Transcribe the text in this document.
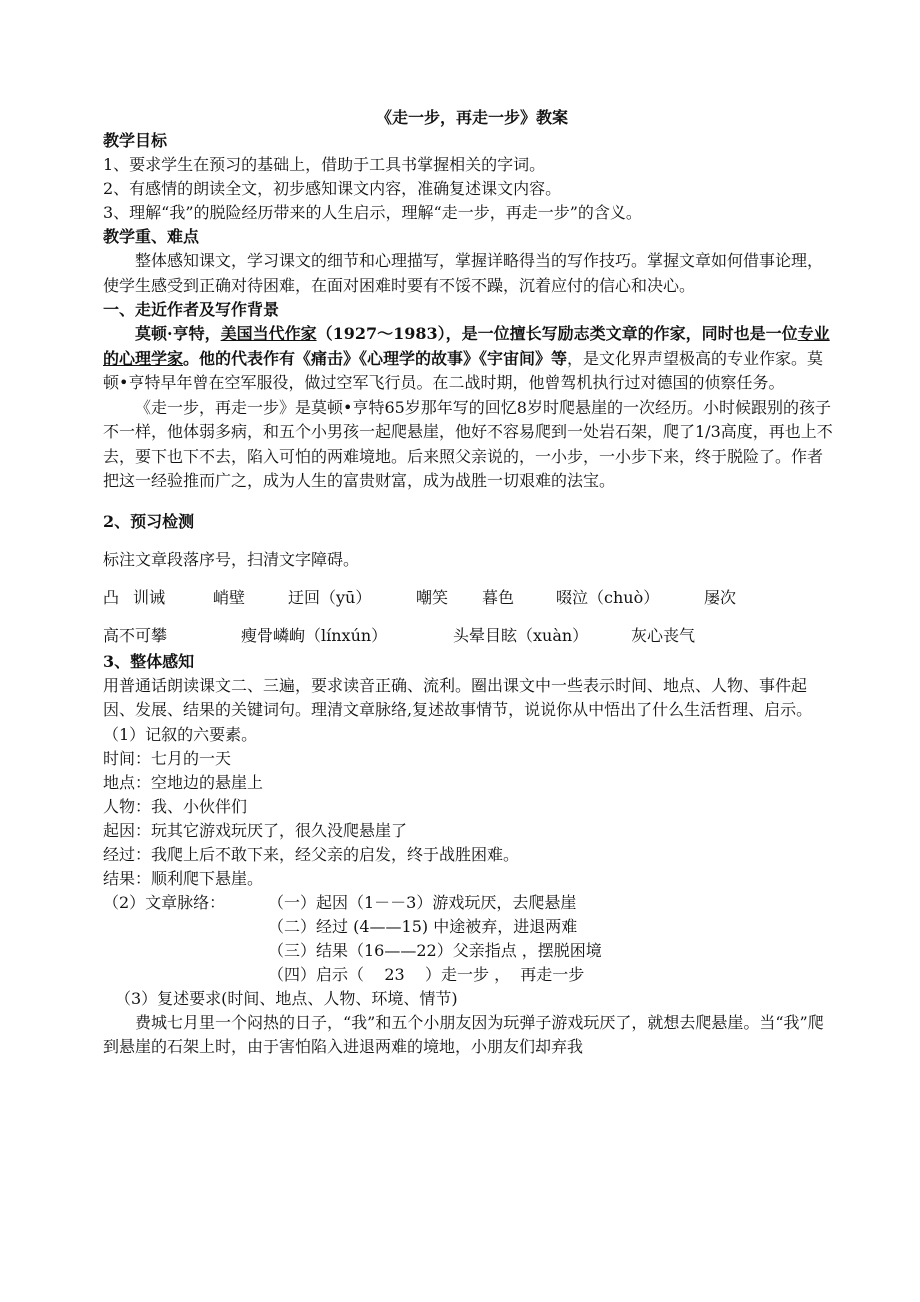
《走一步，再走一步》教案
教学目标
1、要求学生在预习的基础上，借助于工具书掌握相关的字词。
2、有感情的朗读全文，初步感知课文内容，准确复述课文内容。
3、理解“我”的脱险经历带来的人生启示，理解“走一步，再走一步”的含义。
教学重、难点
整体感知课文，学习课文的细节和心理描写，掌握详略得当的写作技巧。掌握文章如何借事论理，使学生感受到正确对待困难，在面对困难时要有不馁不躁，沉着应付的信心和决心。
一、走近作者及写作背景
莫顿·亨特，美国当代作家（1927～1983），是一位擅长写励志类文章的作家，同时也是一位专业的心理学家。他的代表作有《痛击》《心理学的故事》《宇宙间》等，是文化界声望极高的专业作家。莫顿•亨特早年曾在空军服役，做过空军飞行员。在二战时期，他曾驾机执行过对德国的侦察任务。
《走一步，再走一步》是莫顿•亨特65岁那年写的回忆8岁时爬悬崖的一次经历。小时候跟别的孩子不一样，他体弱多病，和五个小男孩一起爬悬崖，他好不容易爬到一处岩石架，爬了1/3高度，再也上不去，要下也下不去，陷入可怕的两难境地。后来照父亲说的，一小步，一小步下来，终于脱险了。作者把这一经验推而广之，成为人生的富贵财富，成为战胜一切艰难的法宝。
2、预习检测
标注文章段落序号，扫清文字障碍。
凸 训诫	峭壁	迂回（yū）	嘲笑 暮色	啜泣（chuò）	屡次
高不可攀	瘦骨嶙峋（línxún）	头晕目眩（xuàn）	灰心丧气
3、整体感知
用普通话朗读课文二、三遍，要求读音正确、流利。圈出课文中一些表示时间、地点、人物、事件起因、发展、结果的关键词句。理清文章脉络,复述故事情节，说说你从中悟出了什么生活哲理、启示。
（1）记叙的六要素。
时间：七月的一天
地点：空地边的悬崖上
人物：我、小伙伴们
起因：玩其它游戏玩厌了，很久没爬悬崖了
经过：我爬上后不敢下来，经父亲的启发，终于战胜困难。
结果：顺利爬下悬崖。
（2）文章脉络：	（一）起因（1－－3）游戏玩厌，去爬悬崖
（二）经过 (4——15) 中途被弃，进退两难
（三）结果（16——22）父亲指点 ，摆脱困境
（四）启示（    23    ）走一步 ，  再走一步
（3）复述要求(时间、地点、人物、环境、情节)
费城七月里一个闷热的日子，“我”和五个小朋友因为玩弹子游戏玩厌了，就想去爬悬崖。当“我”爬到悬崖的石架上时，由于害怕陷入进退两难的境地，小朋友们却弃我
